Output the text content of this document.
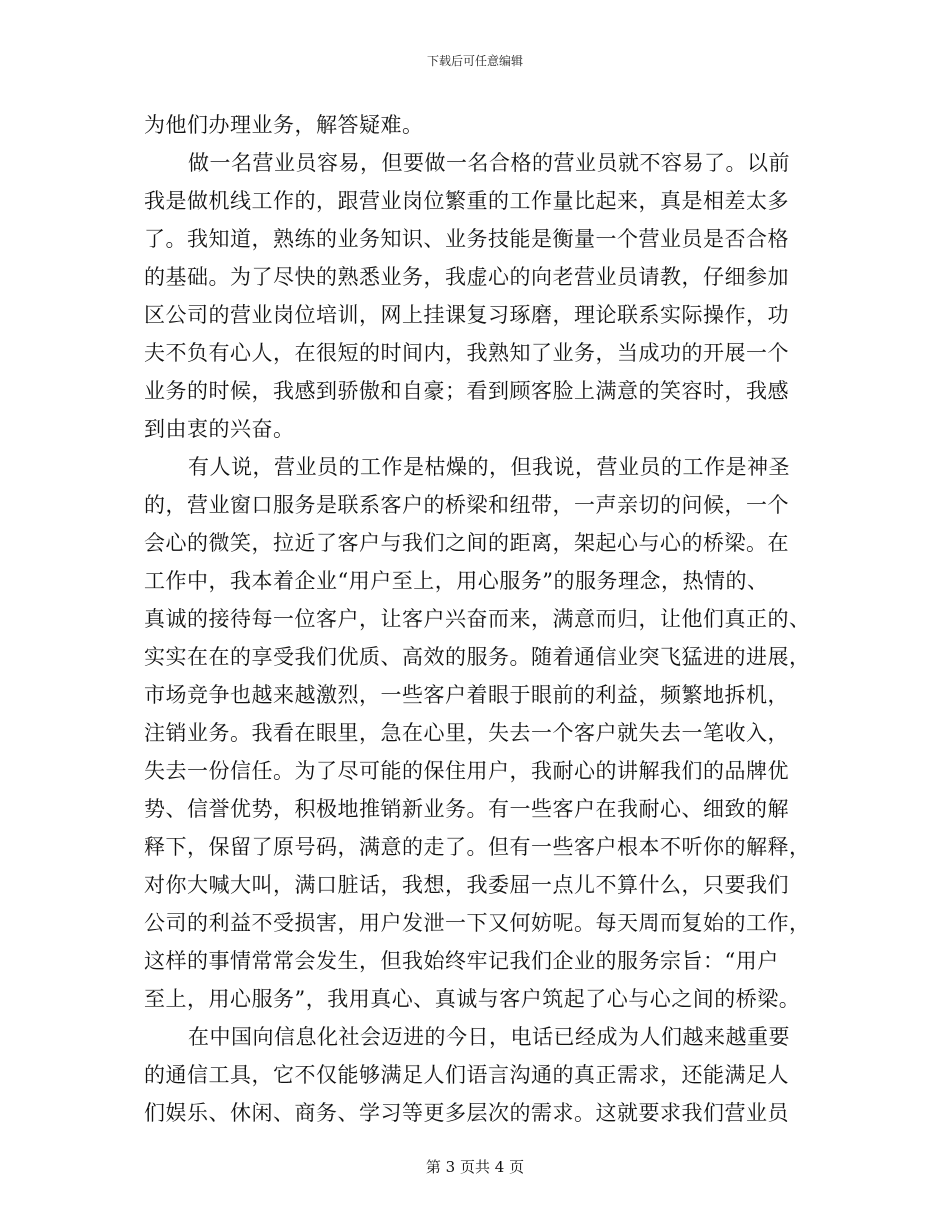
下载后可任意编辑
为他们办理业务，解答疑难。
做一名营业员容易，但要做一名合格的营业员就不容易了。以前
我是做机线工作的，跟营业岗位繁重的工作量比起来，真是相差太多
了。我知道，熟练的业务知识、业务技能是衡量一个营业员是否合格
的基础。为了尽快的熟悉业务，我虚心的向老营业员请教，仔细参加
区公司的营业岗位培训，网上挂课复习琢磨，理论联系实际操作，功
夫不负有心人，在很短的时间内，我熟知了业务，当成功的开展一个
业务的时候，我感到骄傲和自豪；看到顾客脸上满意的笑容时，我感
到由衷的兴奋。
有人说，营业员的工作是枯燥的，但我说，营业员的工作是神圣
的，营业窗口服务是联系客户的桥梁和纽带，一声亲切的问候，一个
会心的微笑，拉近了客户与我们之间的距离，架起心与心的桥梁。在
工作中，我本着企业“用户至上，用心服务”的服务理念，热情的、
真诚的接待每一位客户，让客户兴奋而来，满意而归，让他们真正的、
实实在在的享受我们优质、高效的服务。随着通信业突飞猛进的进展，
市场竞争也越来越激烈，一些客户着眼于眼前的利益，频繁地拆机，
注销业务。我看在眼里，急在心里，失去一个客户就失去一笔收入，
失去一份信任。为了尽可能的保住用户，我耐心的讲解我们的品牌优
势、信誉优势，积极地推销新业务。有一些客户在我耐心、细致的解
释下，保留了原号码，满意的走了。但有一些客户根本不听你的解释，
对你大喊大叫，满口脏话，我想，我委屈一点儿不算什么，只要我们
公司的利益不受损害，用户发泄一下又何妨呢。每天周而复始的工作，
这样的事情常常会发生，但我始终牢记我们企业的服务宗旨：“用户
至上，用心服务”，我用真心、真诚与客户筑起了心与心之间的桥梁。
在中国向信息化社会迈进的今日，电话已经成为人们越来越重要
的通信工具，它不仅能够满足人们语言沟通的真正需求，还能满足人
们娱乐、休闲、商务、学习等更多层次的需求。这就要求我们营业员
第 3 页共 4 页
